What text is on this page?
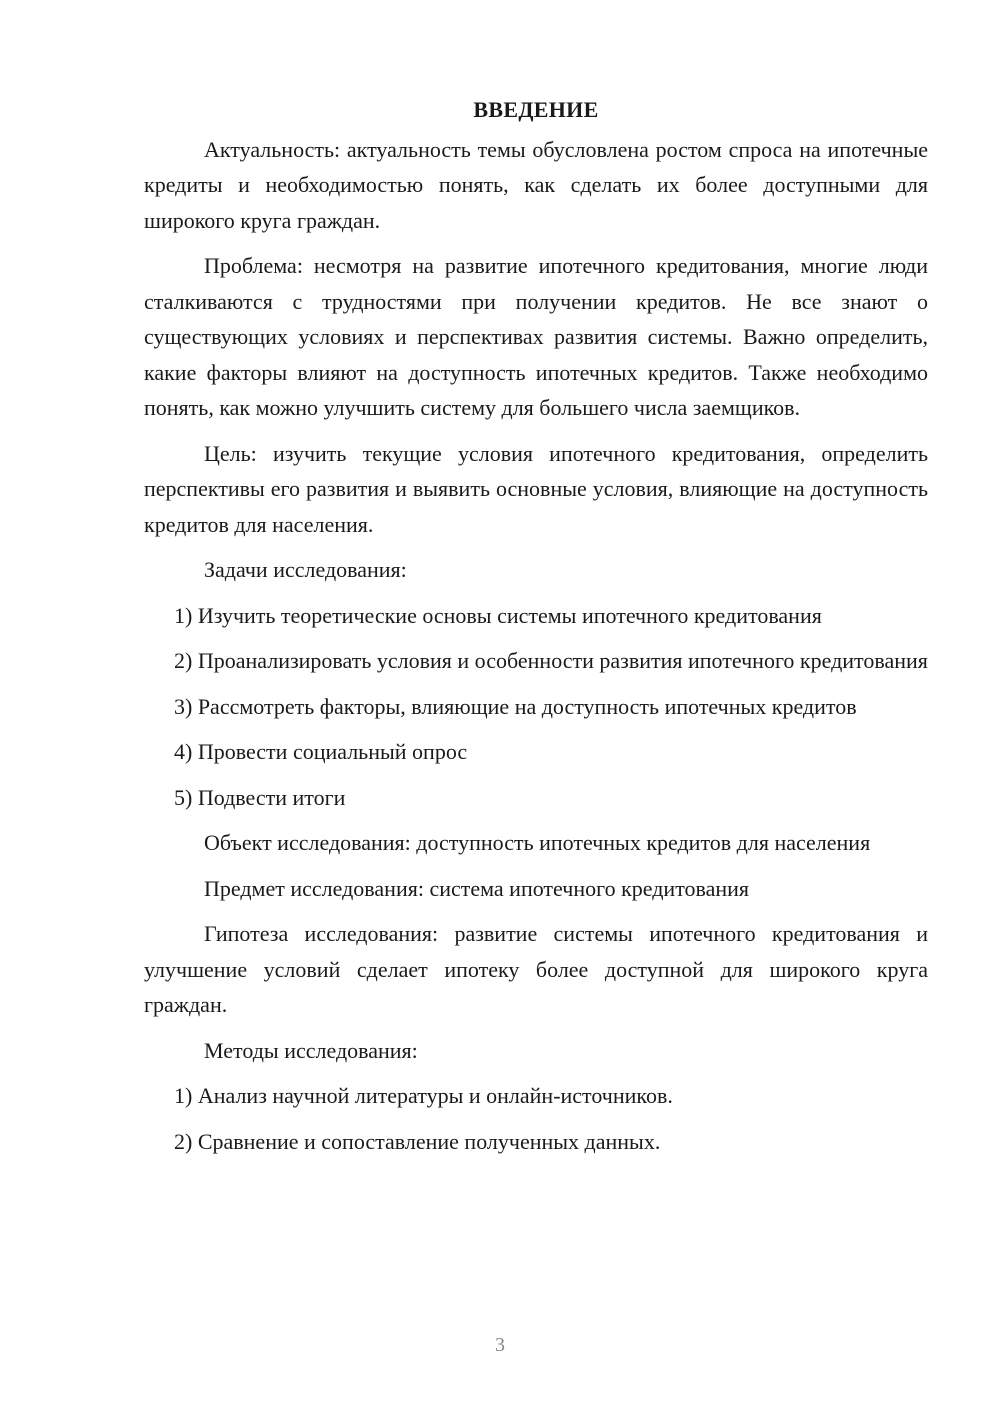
ВВЕДЕНИЕ

Актуальность: актуальность темы обусловлена ростом спроса на ипотечные кредиты и необходимостью понять, как сделать их более доступными для широкого круга граждан.

Проблема: несмотря на развитие ипотечного кредитования, многие люди сталкиваются с трудностями при получении кредитов. Не все знают о существующих условиях и перспективах развития системы. Важно определить, какие факторы влияют на доступность ипотечных кредитов. Также необходимо понять, как можно улучшить систему для большего числа заемщиков.

Цель: изучить текущие условия ипотечного кредитования, определить перспективы его развития и выявить основные условия, влияющие на доступность кредитов для населения.

Задачи исследования:

1) Изучить теоретические основы системы ипотечного кредитования

2) Проанализировать условия и особенности развития ипотечного кредитования

3) Рассмотреть факторы, влияющие на доступность ипотечных кредитов

4) Провести социальный опрос

5) Подвести итоги

Объект исследования: доступность ипотечных кредитов для населения

Предмет исследования: система ипотечного кредитования

Гипотеза исследования: развитие системы ипотечного кредитования и улучшение условий сделает ипотеку более доступной для широкого круга граждан.

Методы исследования:

1) Анализ научной литературы и онлайн-источников.

2) Сравнение и сопоставление полученных данных.

3
